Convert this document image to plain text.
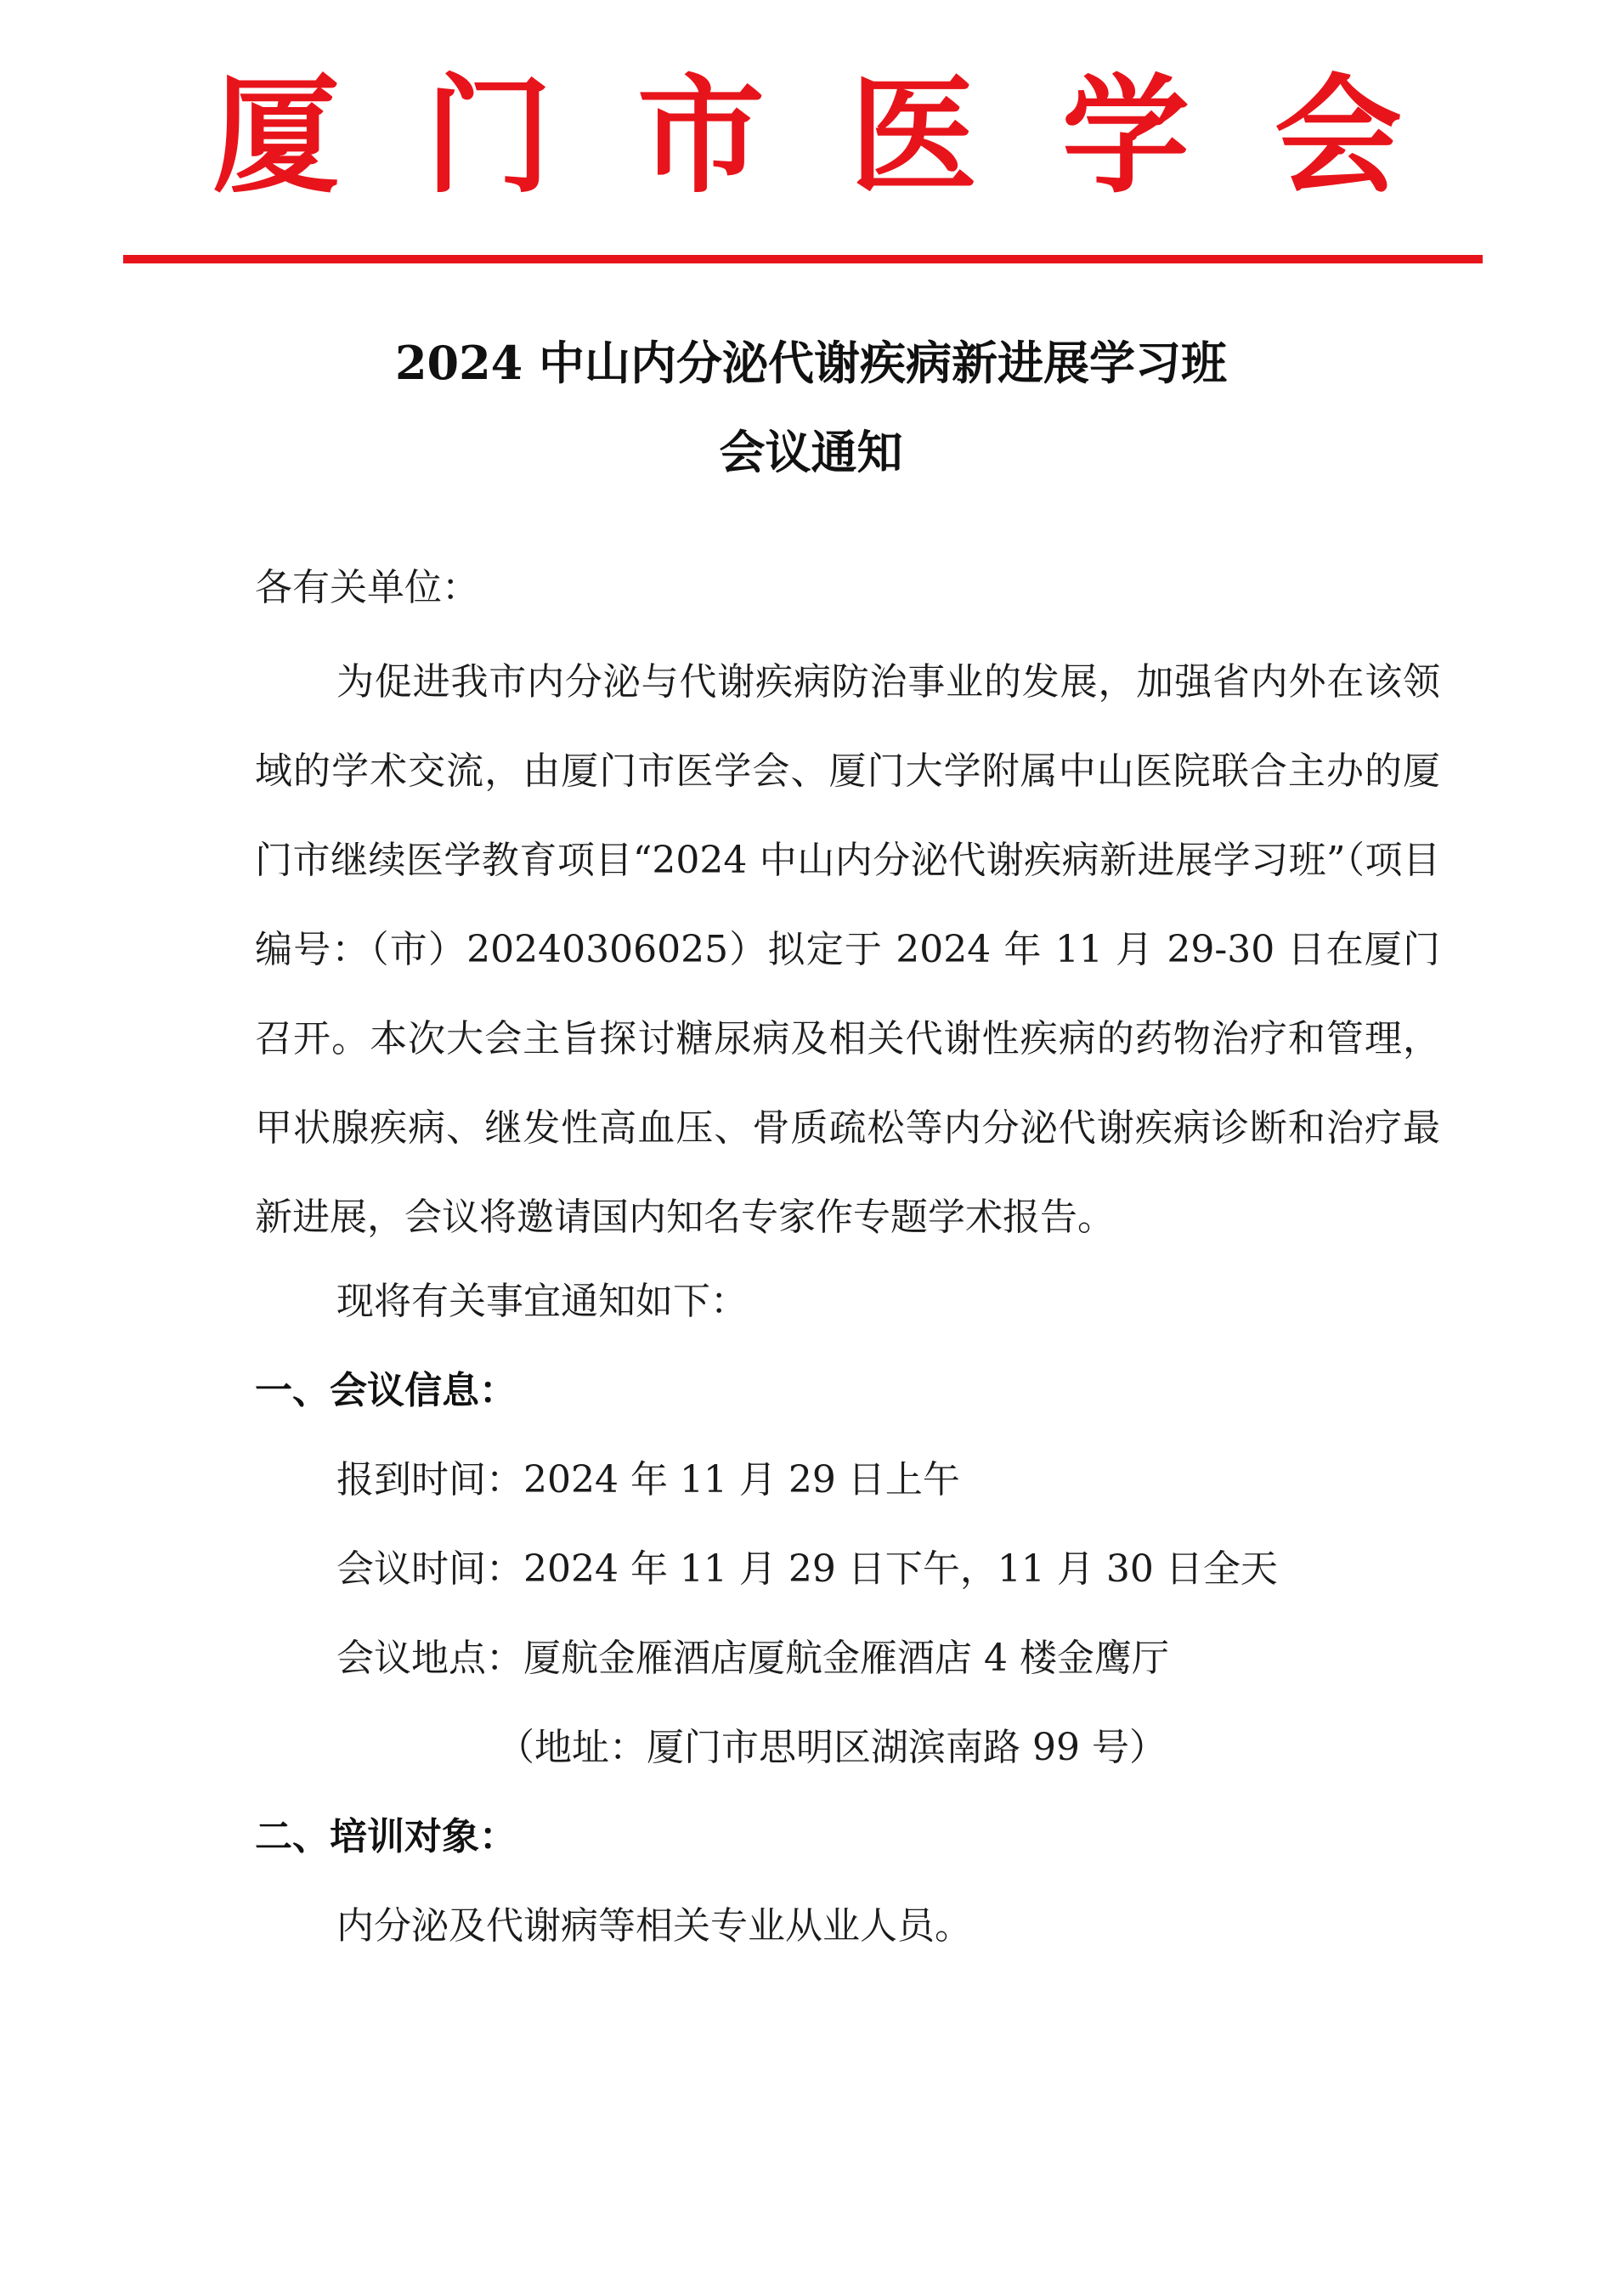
厦 门 市 医 学 会
2024 中山内分泌代谢疾病新进展学习班
会议通知
各有关单位：
为促进我市内分泌与代谢疾病防治事业的发展，加强省内外在该领域的学术交流，由厦门市医学会、厦门大学附属中山医院联合主办的厦门市继续医学教育项目“2024 中山内分泌代谢疾病新进展学习班”（项目编号：（市）20240306025）拟定于 2024 年 11 月 29-30 日在厦门召开。本次大会主旨探讨糖尿病及相关代谢性疾病的药物治疗和管理，甲状腺疾病、继发性高血压、骨质疏松等内分泌代谢疾病诊断和治疗最新进展，会议将邀请国内知名专家作专题学术报告。
现将有关事宜通知如下：
一、会议信息：
报到时间：2024 年 11 月 29 日上午
会议时间：2024 年 11 月 29 日下午，11 月 30 日全天
会议地点：厦航金雁酒店厦航金雁酒店 4 楼金鹰厅
（地址：厦门市思明区湖滨南路 99 号）
二、培训对象：
内分泌及代谢病等相关专业从业人员。
